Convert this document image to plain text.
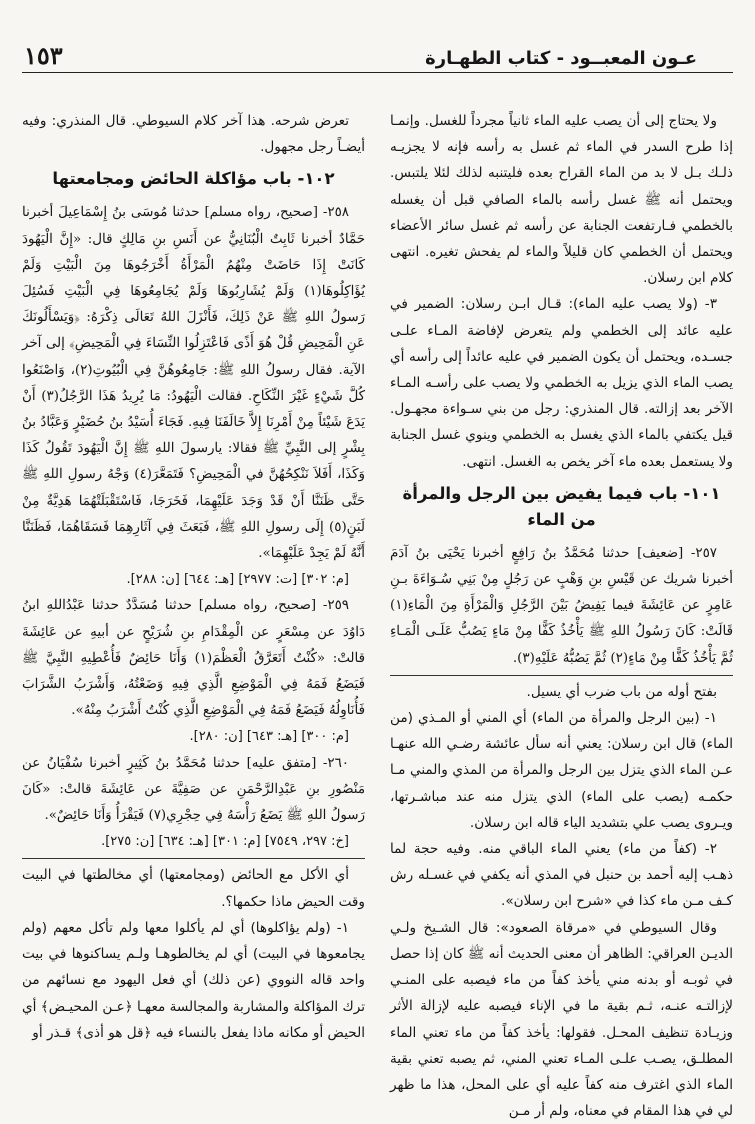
١٥٣	عـون المعبــود - كتاب الطهـارة

ولا يحتاج إلى أن يصب عليه الماء ثانياً مجرداً للغسل. وإنمـا إذا طرح السدر في الماء ثم غسل به رأسه فإنه لا يجزيـه ذلـك بـل لا بد من الماء القراح بعده فليتنبه لذلك لئلا يلتبس. ويحتمل أنه ﷺ غسل رأسه بالماء الصافي قبل أن يغسله بالخطمي فـارتفعت الجنابة عن رأسه ثم غسل سائر الأعضاء ويحتمل أن الخطمي كان قليلاً والماء لم يفحش تغيره. انتهى كلام ابن رسلان.

٣- (ولا يصب عليه الماء): قـال ابـن رسلان: الضمير في عليه عائد إلى الخطمي ولم يتعرض لإفاضة المـاء علـى جسـده، ويحتمل أن يكون الضمير في عليه عائداً إلى رأسه أي يصب الماء الذي يزيل به الخطمي ولا يصب على رأسـه المـاء الآخر بعد إزالته. قال المنذري: رجل من بني سـواءة مجهـول. قيل يكتفي بالماء الذي يغسل به الخطمي وينوي غسل الجنابة ولا يستعمل بعده ماء آخر يخص به الغسل. انتهى.

١٠١- باب فيما يفيض بين الرجل والمرأة من الماء

٢٥٧- [ضعيف] حدثنا مُحَمَّدُ بنُ رَافِعٍ أخبرنا يَحْيَى بنُ آدَمَ أخبرنا شريك عن قَيْسِ بنِ وَهْبٍ عن رَجُلٍ مِنْ بَنِي سُـوَاءَةَ بـنِ عَامِرٍ عن عَائِشَةَ فيما يَفِيضُ بَيْنَ الرَّجُلِ وَالْمَرْأَةِ مِنَ الْمَاءِ(١) قَالَتْ: كَانَ رَسُولُ اللهِ ﷺ يَأْخُذُ كَفًّا مِنْ مَاءٍ يَصُبُّ عَلَـى الْمَـاءِ ثُمَّ يَأْخُذُ كَفًّا مِنْ مَاءٍ(٢) ثُمَّ يَصُبُّهُ عَلَيْهِ(٣).

بفتح أوله من باب ضرب أي يسيل.

١- (بين الرجل والمرأة من الماء) أي المني أو المـذي (من الماء) قال ابن رسلان: يعني أنه سأل عائشة رضـي الله عنهـا عـن الماء الذي يتزل بين الرجل والمرأة من المذي والمني مـا حكمـه (يصب على الماء) الذي يتزل منه عند مباشـرتها، ويـروى يصب علي بتشديد الياء قاله ابن رسلان.

٢- (كفاً من ماء) يعني الماء الباقي منه. وفيه حجة لما ذهـب إليه أحمد بن حنبل في المذي أنه يكفي في غسـله رش كـف مـن ماء كذا في «شرح ابن رسلان».

وقال السيوطي في «مرقاة الصعود»: قال الشـيخ ولـي الديـن العراقي: الظاهر أن معنى الحديث أنه ﷺ كان إذا حصل في ثوبـه أو بدنه مني يأخذ كفاً من ماء فيصبه على المنـي لإزالتـه عنـه، ثـم بقية ما في الإناء فيصبه عليه لإزالة الأثر وزيـادة تنظيف المحـل. فقولها: يأخذ كفاً من ماء تعني الماء المطلـق، يصـب علـى المـاء تعني المني، ثم يصبه تعني بقية الماء الذي اغترف منه كفاً عليه أي على المحل، هذا ما ظهر لي في هذا المقام في معناه، ولم أر مـن

تعرض شرحه. هذا آخر كلام السيوطي. قال المنذري: وفيه أيضـاً رجل مجهول.

١٠٢- باب مؤاكلة الحائض ومجامعتها

٢٥٨- [صحيح، رواه مسلم] حدثنا مُوسَى بنُ إِسْمَاعِيلَ أخبرنا حَمَّادٌ أخبرنا ثَابِتٌ الْبُنَانِيُّ عن أَنَسِ بنِ مَالِكٍ قال: «إِنَّ الْيَهُودَ كَانَتْ إِذَا حَاضَتْ مِنْهُمُ الْمَرْأَةُ أَخْرَجُوهَا مِنَ الْبَيْتِ وَلَمْ يُؤَاكِلُوهَا(١) وَلَمْ يُشَارِبُوهَا وَلَمْ يُجَامِعُوهَا فِي الْبَيْتِ فَسُئِلَ رَسولُ اللهِ ﷺ عَنْ ذَلِكَ، فَأَنْزَلَ اللهُ تَعَالَى ذِكْرَهُ: ﴿وَيَسْأَلُونَكَ عَنِ الْمَحِيضِ قُلْ هُوَ أَذًى فَاعْتَزِلُوا النِّسَاءَ فِي الْمَحِيضِ﴾ إلى آخر الآية. فقال رسولُ اللهِ ﷺ: جَامِعُوهُنَّ فِي الْبُيُوتِ(٢)، وَاصْنَعُوا كُلَّ شَيْءٍ غَيْرَ النِّكَاحِ. فقالت الْيَهُودُ: مَا يُرِيدُ هَذَا الرَّجُلُ(٣) أَنْ يَدَعَ شَيْئاً مِنْ أَمْرِنَا إِلاَّ خَالَفَنَا فِيهِ. فَجَاءَ أُسَيْدُ بنُ حُضَيْرٍ وَعَبَّادُ بنُ بِشْرٍ إلى النَّبِيِّ ﷺ فقالا: يارسولَ اللهِ ﷺ إِنَّ الْيَهُودَ تَقُولُ كَذَا وَكَذَا، أَفَلاَ نَنْكِحُهُنَّ في الْمَحِيضِ؟ فَتَمَعَّرَ(٤) وَجْهُ رسولِ اللهِ ﷺ حَتَّى ظَنَنَّا أَنْ قَدْ وَجَدَ عَلَيْهِمَا، فَخَرَجَا، فَاسْتَقْبَلَتْهُمَا هَدِيَّةٌ مِنْ لَبَنٍ(٥) إِلَى رسولِ اللهِ ﷺ، فَبَعَثَ فِي آثَارِهِمَا فَسَقَاهُمَا، فَظَنَنَّا أَنَّهُ لَمْ يَجِدْ عَلَيْهِمَا».

[م: ٣٠٢] [ت: ٢٩٧٧] [هـ: ٦٤٤] [ن: ٢٨٨].

٢٥٩- [صحيح، رواه مسلم] حدثنا مُسَدَّدٌ حدثنا عَبْدُاللهِ ابنُ دَاوُدَ عن مِسْعَرٍ عن الْمِقْدَامِ بنِ شُرَيْحٍ عن أبيهِ عن عَائِشَةَ قالتْ: «كُنْتُ أَتَعَرَّقُ الْعَظْمَ(١) وَأَنَا حَائِضٌ فَأُعْطِيهِ النَّبِيَّ ﷺ فَيَضَعُ فَمَهُ فِي الْمَوْضِعِ الَّذِي فِيهِ وَضَعْتُهُ، وَأَشْرَبُ الشَّرَابَ فَأُنَاوِلُهُ فَيَضَعُ فَمَهُ فِي الْمَوْضِعِ الَّذِي كُنْتُ أَشْرَبُ مِنْهُ».

[م: ٣٠٠] [هـ: ٦٤٣] [ن: ٢٨٠].

٢٦٠- [متفق عليه] حدثنا مُحَمَّدُ بنُ كَثِيرٍ أخبرنا سُفْيَانُ عن مَنْصُورِ بنِ عَبْدِالرَّحْمَنِ عن صَفِيَّةَ عن عَائِشَةَ قالتْ: «كَانَ رَسولُ اللهِ ﷺ يَضَعُ رَأْسَهُ فِي حِجْرِي(٧) فَيَقْرَأُ وَأَنَا حَائِضٌ».

[خ: ٢٩٧، ٧٥٤٩] [م: ٣٠١] [هـ: ٦٣٤] [ن: ٢٧٥].

أي الأكل مع الحائض (ومجامعتها) أي مخالطتها في البيت وقت الحيض ماذا حكمها؟.

١- (ولم يؤاكلوها) أي لم يأكلوا معها ولم تأكل معهم (ولم يجامعوها في البيت) أي لم يخالطوهـا ولـم يساكنوها في بيت واحد قاله النووي (عن ذلك) أي فعل اليهود مع نسائهم من ترك المؤاكلة والمشاربة والمجالسة معهـا ﴿عـن المحيـض﴾ أي الحيض أو مكانه ماذا يفعل بالنساء فيه ﴿قل هو أذى﴾ قـذر أو
